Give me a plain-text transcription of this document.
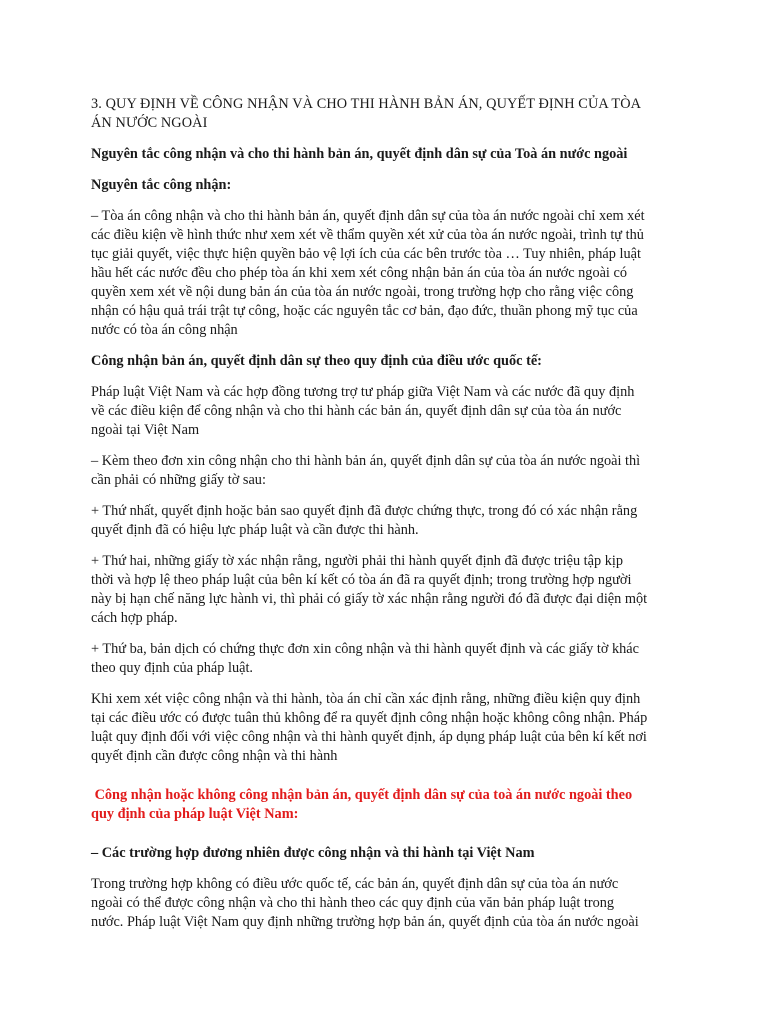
3. QUY ĐỊNH VỀ CÔNG NHẬN VÀ CHO THI HÀNH BẢN ÁN, QUYẾT ĐỊNH CỦA TÒA
ÁN NƯỚC NGOÀI

Nguyên tắc công nhận và cho thi hành bản án, quyết định dân sự của Toà án nước ngoài

Nguyên tắc công nhận:

– Tòa án công nhận và cho thi hành bản án, quyết định dân sự của tòa án nước ngoài chỉ xem xét
các điều kiện về hình thức như xem xét về thẩm quyền xét xử của tòa án nước ngoài, trình tự thủ
tục giải quyết, việc thực hiện quyền bảo vệ lợi ích của các bên trước tòa … Tuy nhiên, pháp luật
hầu hết các nước đều cho phép tòa án khi xem xét công nhận bản án của tòa án nước ngoài có
quyền xem xét về nội dung bản án của tòa án nước ngoài, trong trường hợp cho rằng việc công
nhận có hậu quả trái trật tự công, hoặc các nguyên tắc cơ bản, đạo đức, thuần phong mỹ tục của
nước có tòa án công nhận

Công nhận bản án, quyết định dân sự theo quy định của điều ước quốc tế:

Pháp luật Việt Nam và các hợp đồng tương trợ tư pháp giữa Việt Nam và các nước đã quy định
về các điều kiện để công nhận và cho thi hành các bản án, quyết định dân sự của tòa án nước
ngoài tại Việt Nam

– Kèm theo đơn xin công nhận cho thi hành bản án, quyết định dân sự của tòa án nước ngoài thì
cần phải có những giấy tờ sau:

+ Thứ nhất, quyết định hoặc bản sao quyết định đã được chứng thực, trong đó có xác nhận rằng
quyết định đã có hiệu lực pháp luật và cần được thi hành.

+ Thứ hai, những giấy tờ xác nhận rằng, người phải thi hành quyết định đã được triệu tập kịp
thời và hợp lệ theo pháp luật của bên kí kết có tòa án đã ra quyết định; trong trường hợp người
này bị hạn chế năng lực hành vi, thì phải có giấy tờ xác nhận rằng người đó đã được đại diện một
cách hợp pháp.

+ Thứ ba, bản dịch có chứng thực đơn xin công nhận và thi hành quyết định và các giấy tờ khác
theo quy định của pháp luật.

Khi xem xét việc công nhận và thi hành, tòa án chỉ cần xác định rằng, những điều kiện quy định
tại các điều ước có được tuân thủ không để ra quyết định công nhận hoặc không công nhận. Pháp
luật quy định đối với việc công nhận và thi hành quyết định, áp dụng pháp luật của bên kí kết nơi
quyết định cần được công nhận và thi hành

Công nhận hoặc không công nhận bản án, quyết định dân sự của toà án nước ngoài theo
quy định của pháp luật Việt Nam:

– Các trường hợp đương nhiên được công nhận và thi hành tại Việt Nam

Trong trường hợp không có điều ước quốc tế, các bản án, quyết định dân sự của tòa án nước
ngoài có thể được công nhận và cho thi hành theo các quy định của văn bản pháp luật trong
nước. Pháp luật Việt Nam quy định những trường hợp bản án, quyết định của tòa án nước ngoài
